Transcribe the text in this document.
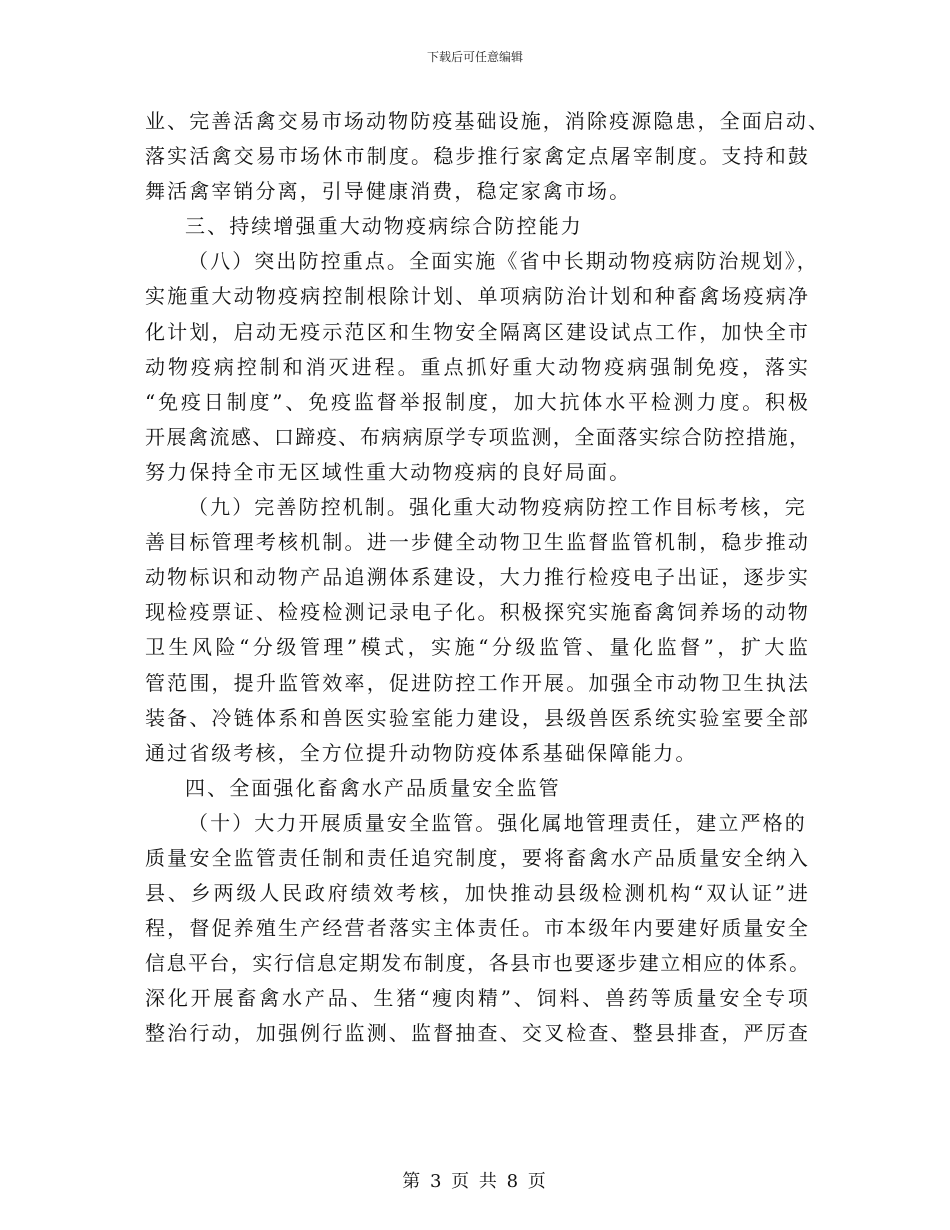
下载后可任意编辑
业、完善活禽交易市场动物防疫基础设施，消除疫源隐患，全面启动、
落实活禽交易市场休市制度。稳步推行家禽定点屠宰制度。支持和鼓
舞活禽宰销分离，引导健康消费，稳定家禽市场。
三、持续增强重大动物疫病综合防控能力
（八）突出防控重点。全面实施《省中长期动物疫病防治规划》，
实施重大动物疫病控制根除计划、单项病防治计划和种畜禽场疫病净
化计划，启动无疫示范区和生物安全隔离区建设试点工作，加快全市
动物疫病控制和消灭进程。重点抓好重大动物疫病强制免疫，落实
“免疫日制度”、免疫监督举报制度，加大抗体水平检测力度。积极
开展禽流感、口蹄疫、布病病原学专项监测，全面落实综合防控措施，
努力保持全市无区域性重大动物疫病的良好局面。
（九）完善防控机制。强化重大动物疫病防控工作目标考核，完
善目标管理考核机制。进一步健全动物卫生监督监管机制，稳步推动
动物标识和动物产品追溯体系建设，大力推行检疫电子出证，逐步实
现检疫票证、检疫检测记录电子化。积极探究实施畜禽饲养场的动物
卫生风险“分级管理”模式，实施“分级监管、量化监督”，扩大监
管范围，提升监管效率，促进防控工作开展。加强全市动物卫生执法
装备、冷链体系和兽医实验室能力建设，县级兽医系统实验室要全部
通过省级考核，全方位提升动物防疫体系基础保障能力。
四、全面强化畜禽水产品质量安全监管
（十）大力开展质量安全监管。强化属地管理责任，建立严格的
质量安全监管责任制和责任追究制度，要将畜禽水产品质量安全纳入
县、乡两级人民政府绩效考核，加快推动县级检测机构“双认证”进
程，督促养殖生产经营者落实主体责任。市本级年内要建好质量安全
信息平台，实行信息定期发布制度，各县市也要逐步建立相应的体系。
深化开展畜禽水产品、生猪“瘦肉精”、饲料、兽药等质量安全专项
整治行动，加强例行监测、监督抽查、交叉检查、整县排查，严厉查
第 3 页 共 8 页
